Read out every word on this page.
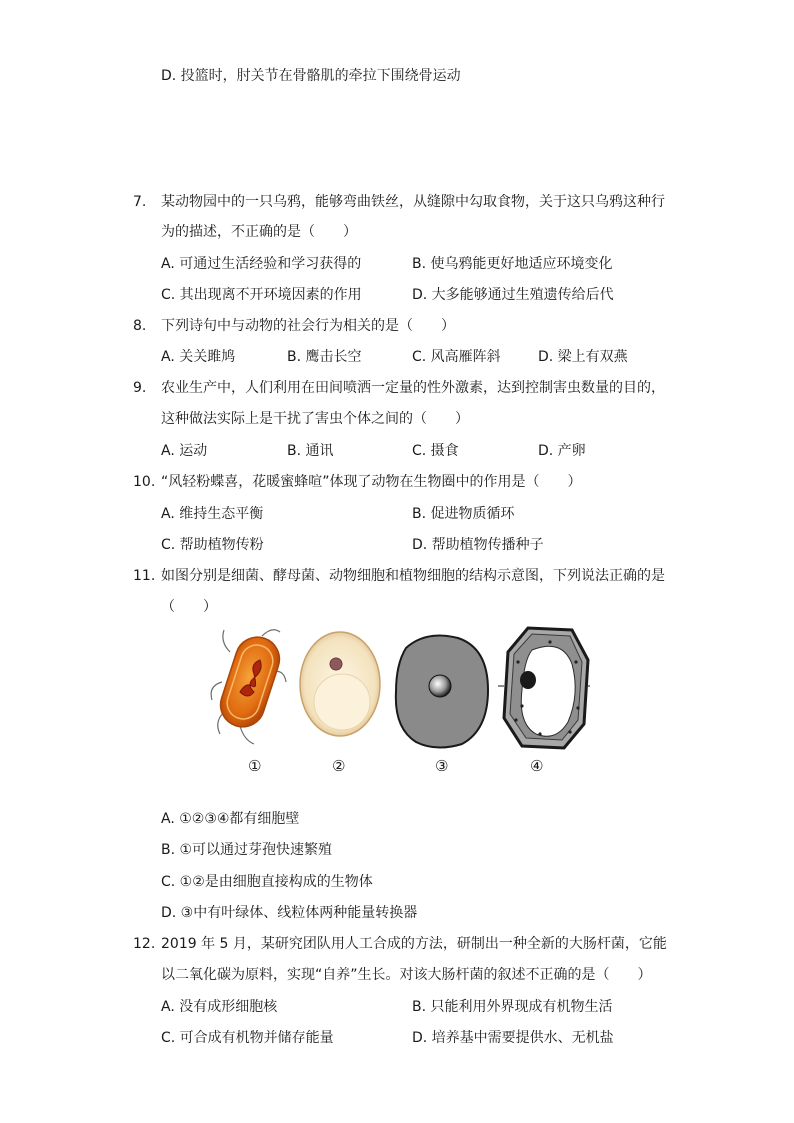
D. 投篮时，肘关节在骨骼肌的牵拉下围绕骨运动
7. 某动物园中的一只乌鸦，能够弯曲铁丝，从缝隙中勾取食物，关于这只乌鸦这种行
为的描述，不正确的是（　　）
A. 可通过生活经验和学习获得的	B. 使乌鸦能更好地适应环境变化
C. 其出现离不开环境因素的作用	D. 大多能够通过生殖遗传给后代
8. 下列诗句中与动物的社会行为相关的是（　　）
A. 关关雎鸠	B. 鹰击长空	C. 风高雁阵斜	D. 梁上有双燕
9. 农业生产中，人们利用在田间喷洒一定量的性外激素，达到控制害虫数量的目的，
这种做法实际上是干扰了害虫个体之间的（　　）
A. 运动	B. 通讯	C. 摄食	D. 产卵
10. “风轻粉蝶喜，花暖蜜蜂喧”体现了动物在生物圈中的作用是（　　）
A. 维持生态平衡	B. 促进物质循环
C. 帮助植物传粉	D. 帮助植物传播种子
11. 如图分别是细菌、酵母菌、动物细胞和植物细胞的结构示意图，下列说法正确的是
（　　）
①	②	③	④
A. ①②③④都有细胞壁
B. ①可以通过芽孢快速繁殖
C. ①②是由细胞直接构成的生物体
D. ③中有叶绿体、线粒体两种能量转换器
12. 2019 年 5 月，某研究团队用人工合成的方法，研制出一种全新的大肠杆菌，它能
以二氧化碳为原料，实现“自养”生长。对该大肠杆菌的叙述不正确的是（　　）
A. 没有成形细胞核	B. 只能利用外界现成有机物生活
C. 可合成有机物并储存能量	D. 培养基中需要提供水、无机盐
